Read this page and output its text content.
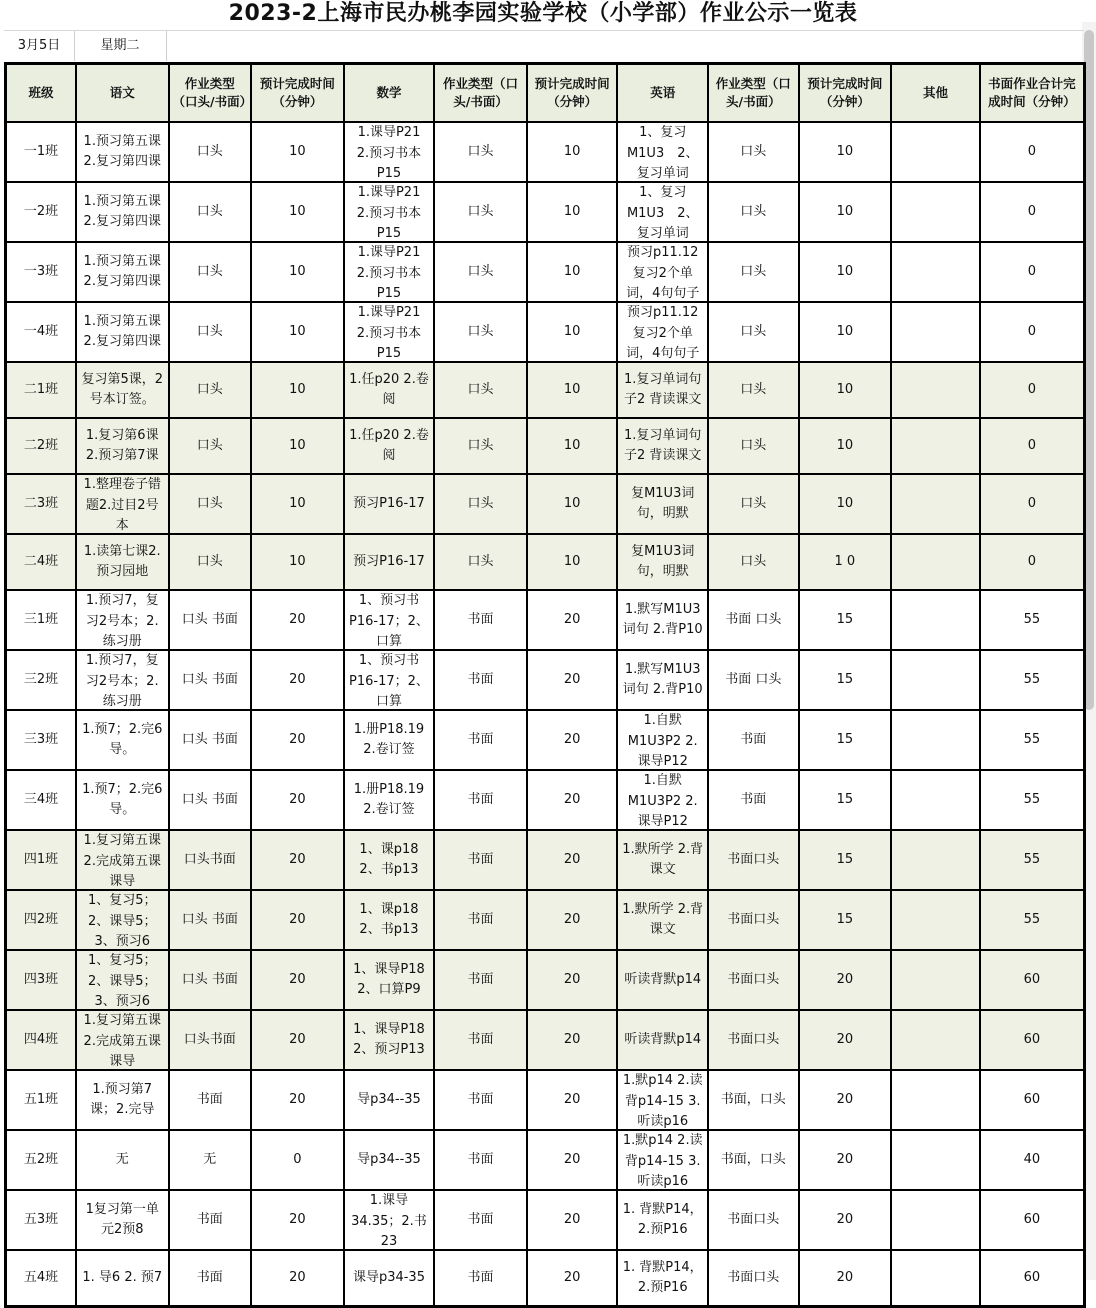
2023-2上海市民办桃李园实验学校（小学部）作业公示一览表
3月5日	星期二
班级	语文	作业类型（口头/书面）	预计完成时间（分钟）	数学	作业类型（口头/书面）	预计完成时间（分钟）	英语	作业类型（口头/书面）	预计完成时间（分钟）	其他	书面作业合计完成时间（分钟）

一1班	1.预习第五课2.复习第四课	口头	10	1.课导P21　2.预习书本P15	口头	10	1、复习M1U3　2、复习单词	口头	10		0

一2班	1.预习第五课2.复习第四课	口头	10	1.课导P21　2.预习书本P15	口头	10	1、复习M1U3　2、复习单词	口头	10		0

一3班	1.预习第五课2.复习第四课	口头	10	1.课导P21　2.预习书本P15	口头	10	预习p11.12复习2个单词，4句句子	口头	10		0

一4班	1.预习第五课2.复习第四课	口头	10	1.课导P21　2.预习书本P15	口头	10	预习p11.12复习2个单词，4句句子	口头	10		0

二1班	复习第5课，2号本订签。	口头	10	1.任p20 2.卷阅	口头	10	1.复习单词句子2 背读课文	口头	10		0

二2班	1.复习第6课2.预习第7课	口头	10	1.任p20 2.卷阅	口头	10	1.复习单词句子2 背读课文	口头	10		0

二3班	1.整理卷子错题2.过目2号本	口头	10	预习P16-17	口头	10	复M1U3词句，明默	口头	10		0

二4班	1.读第七课2.预习园地	口头	10	预习P16-17	口头	10	复M1U3词句，明默	口头	1 0		0

三1班	1.预习7，复习2号本；2.练习册	口头 书面	20	1、预习书P16-17；2、口算	书面	20	1.默写M1U3词句 2.背P10	书面 口头	15		55

三2班	1.预习7，复习2号本；2.练习册	口头 书面	20	1、预习书P16-17；2、口算	书面	20	1.默写M1U3词句 2.背P10	书面 口头	15		55

三3班	1.预7；2.完6导。	口头 书面	20	1.册P18.19 2.卷订签	书面	20	1.自默M1U3P2 2.课导P12	书面	15		55

三4班	1.预7；2.完6导。	口头 书面	20	1.册P18.19 2.卷订签	书面	20	1.自默M1U3P2 2.课导P12	书面	15		55

四1班	1.复习第五课 2.完成第五课课导	口头书面	20	1、课p18 2、书p13	书面	20	1.默所学 2.背课文	书面口头	15		55

四2班	1、复习5；2、课导5；3、预习6	口头 书面	20	1、课p18 2、书p13	书面	20	1.默所学 2.背课文	书面口头	15		55

四3班	1、复习5；2、课导5；3、预习6	口头 书面	20	1、课导P18 2、口算P9	书面	20	听读背默p14	书面口头	20		60

四4班	1.复习第五课 2.完成第五课课导	口头书面	20	1、课导P18 2、预习P13	书面	20	听读背默p14	书面口头	20		60

五1班	1.预习第7课；2.完导	书面	20	导p34--35	书面	20	1.默p14 2.读背p14-15 3.听读p16	书面，口头	20		60

五2班	无	无	0	导p34--35	书面	20	1.默p14 2.读背p14-15 3.听读p16	书面，口头	20		40

五3班	1复习第一单元2预8	书面	20	1.课导34.35；2.书23	书面	20	1. 背默P14，2.预P16	书面口头	20		60

五4班	1. 导6 2. 预7	书面	20	课导p34-35	书面	20	1. 背默P14，2.预P16	书面口头	20		60
